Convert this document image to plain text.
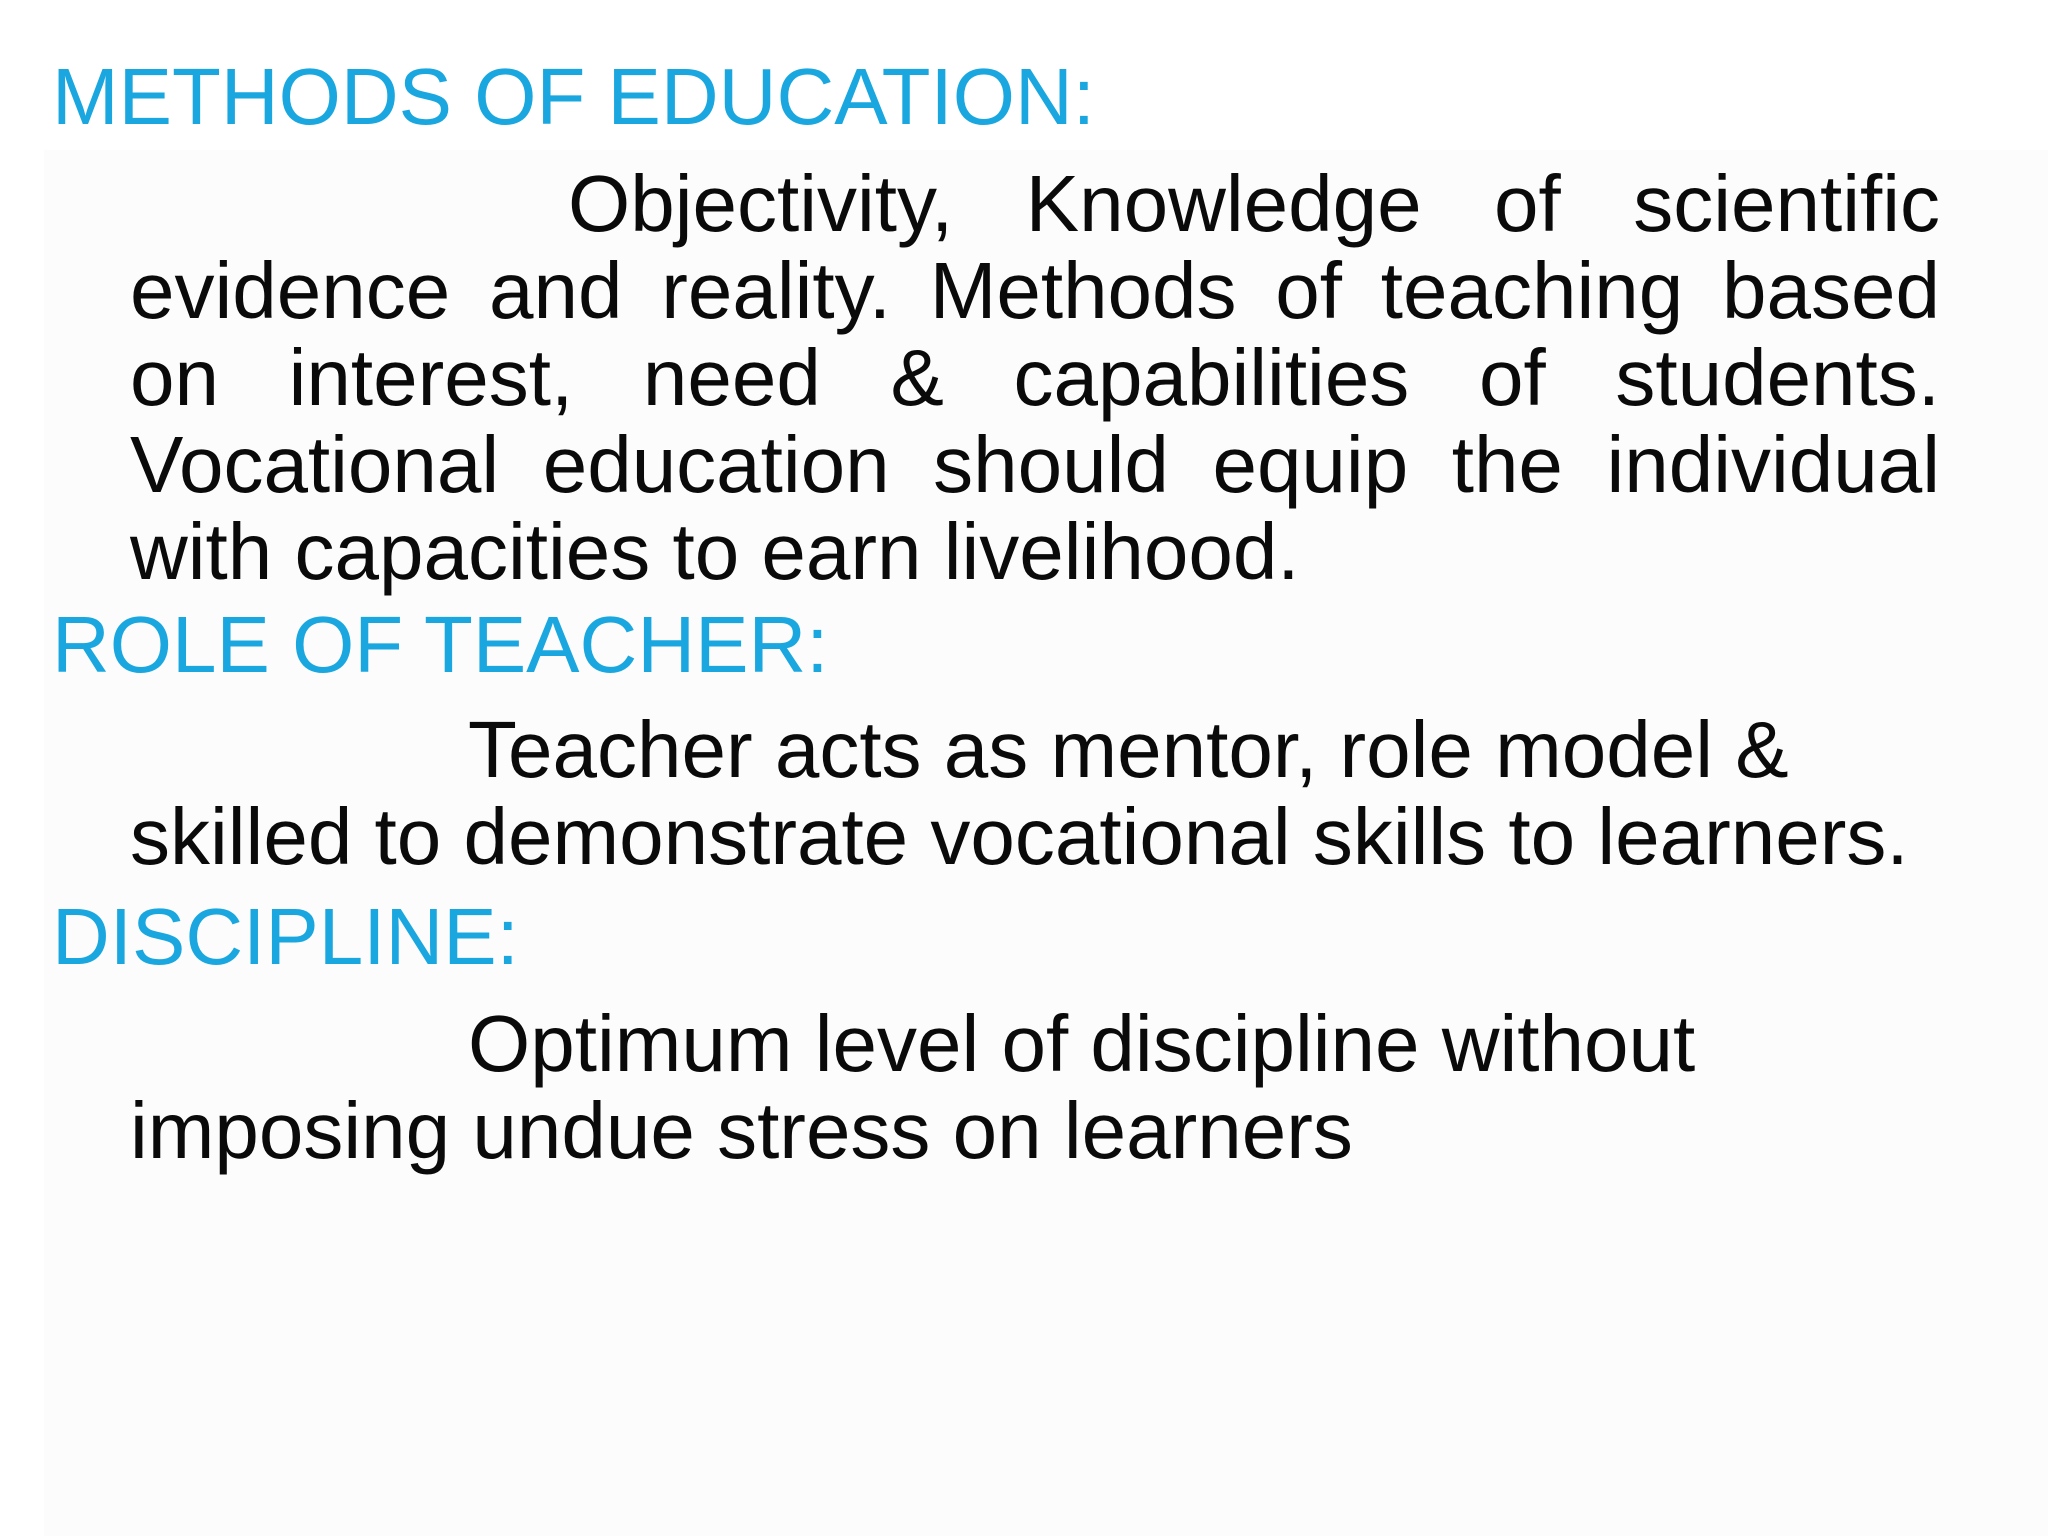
METHODS OF EDUCATION:

Objectivity, Knowledge of scientific evidence and reality. Methods of teaching based on interest, need & capabilities of students. Vocational education should equip the individual with capacities to earn livelihood.

ROLE OF TEACHER:

Teacher acts as mentor, role model & skilled to demonstrate vocational skills to learners.

DISCIPLINE:

Optimum level of discipline without imposing undue stress on learners
